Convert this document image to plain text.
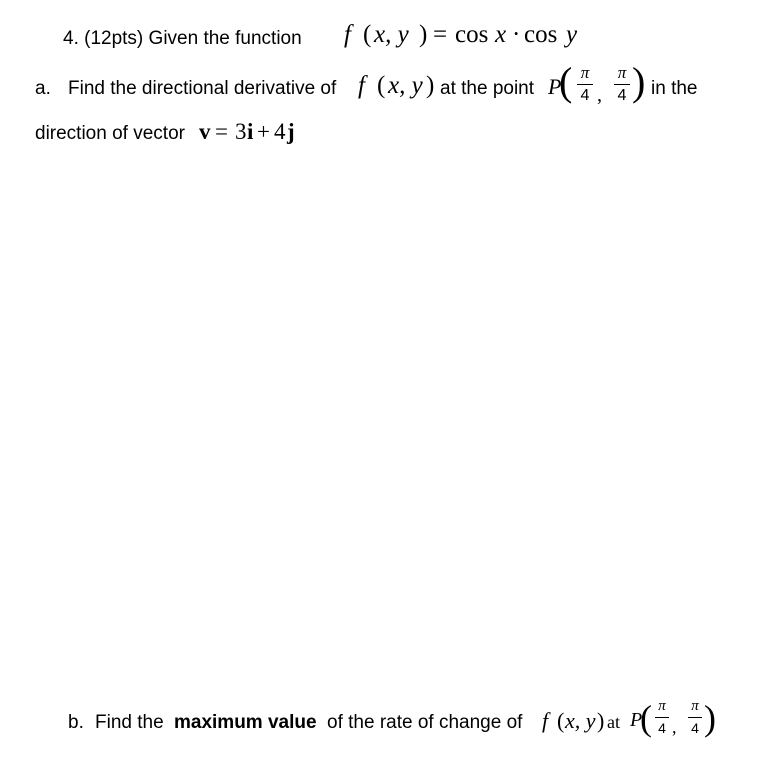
4. (12pts) Given the function f ( x, y ) = cos x · cos y
a. Find the directional derivative of f ( x, y ) at the point P
( π
4 ,
π
4 ) in the
direction of vector v = 3 i + 4 j
b. Find the maximum value of the rate of change of f ( x, y ) at P
( π
4 ,
π
4 )
